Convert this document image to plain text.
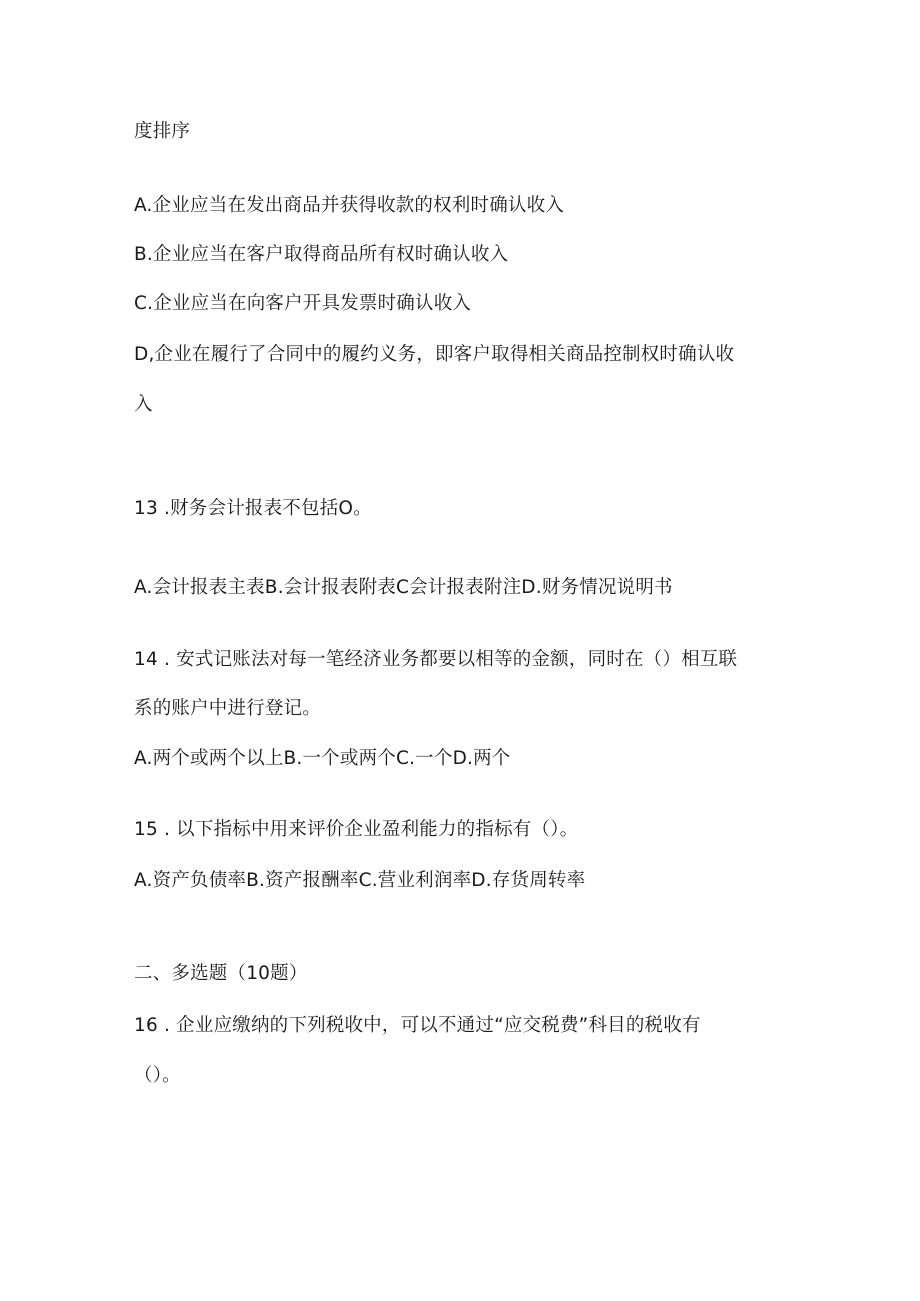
度排序
A.企业应当在发出商品并获得收款的权利时确认收入
B.企业应当在客户取得商品所有权时确认收入
C.企业应当在向客户开具发票时确认收入
D,企业在履行了合同中的履约义务，即客户取得相关商品控制权时确认收
入
13 .财务会计报表不包括O。
A.会计报表主表B.会计报表附表C会计报表附注D.财务情况说明书
14 . 安式记账法对每一笔经济业务都要以相等的金额，同时在（）相互联
系的账户中进行登记。
A.两个或两个以上B.一个或两个C.一个D.两个
15 . 以下指标中用来评价企业盈利能力的指标有（）。
A.资产负债率B.资产报酬率C.营业利润率D.存货周转率
二、多选题（10题）
16 . 企业应缴纳的下列税收中，可以不通过“应交税费”科目的税收有
（）。
